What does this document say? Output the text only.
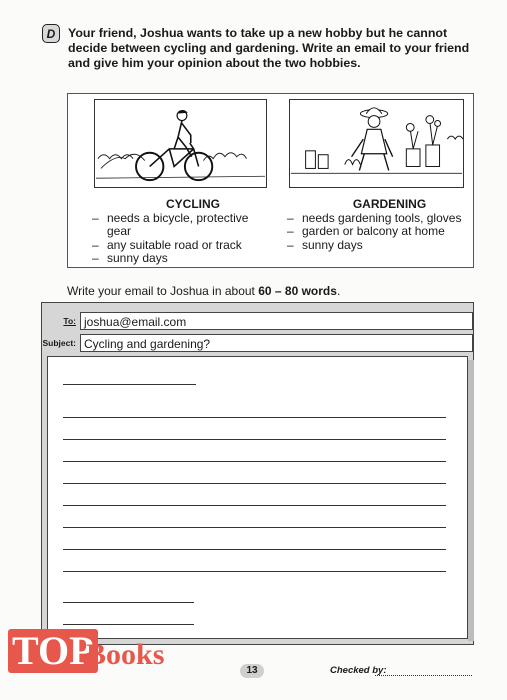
D	Your friend, Joshua wants to take up a new hobby but he cannot decide between cycling and gardening. Write an email to your friend and give him your opinion about the two hobbies.
CYCLING
– needs a bicycle, protective gear
– any suitable road or track
– sunny days
GARDENING
– needs gardening tools, gloves
– garden or balcony at home
– sunny days
Write your email to Joshua in about 60 – 80 words.
To: joshua@email.com
Subject: Cycling and gardening?
TOP
Books	13	Checked by:
